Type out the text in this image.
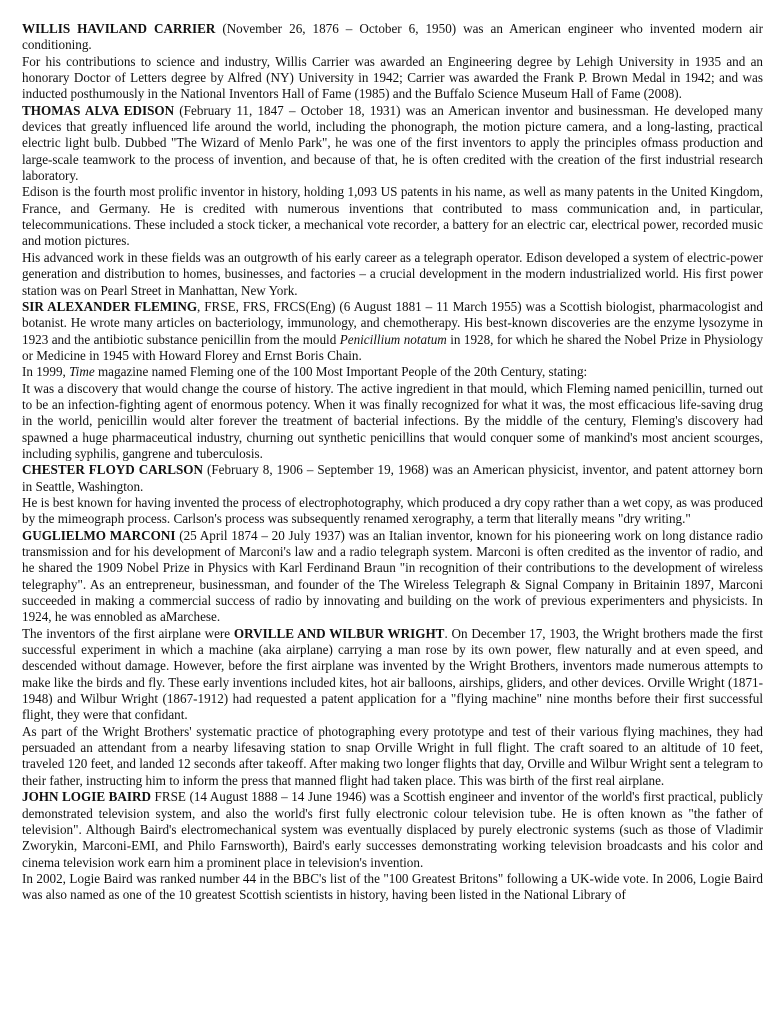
WILLIS HAVILAND CARRIER (November 26, 1876 – October 6, 1950) was an American engineer who invented modern air conditioning.

For his contributions to science and industry, Willis Carrier was awarded an Engineering degree by Lehigh University in 1935 and an honorary Doctor of Letters degree by Alfred (NY) University in 1942; Carrier was awarded the Frank P. Brown Medal in 1942; and was inducted posthumously in the National Inventors Hall of Fame (1985) and the Buffalo Science Museum Hall of Fame (2008).

THOMAS ALVA EDISON (February 11, 1847 – October 18, 1931) was an American inventor and businessman. He developed many devices that greatly influenced life around the world, including the phonograph, the motion picture camera, and a long-lasting, practical electric light bulb. Dubbed "The Wizard of Menlo Park", he was one of the first inventors to apply the principles ofmass production and large-scale teamwork to the process of invention, and because of that, he is often credited with the creation of the first industrial research laboratory.

Edison is the fourth most prolific inventor in history, holding 1,093 US patents in his name, as well as many patents in the United Kingdom, France, and Germany. He is credited with numerous inventions that contributed to mass communication and, in particular, telecommunications. These included a stock ticker, a mechanical vote recorder, a battery for an electric car, electrical power, recorded music and motion pictures.

His advanced work in these fields was an outgrowth of his early career as a telegraph operator. Edison developed a system of electric-power generation and distribution to homes, businesses, and factories – a crucial development in the modern industrialized world. His first power station was on Pearl Street in Manhattan, New York.

SIR ALEXANDER FLEMING, FRSE, FRS, FRCS(Eng) (6 August 1881 – 11 March 1955) was a Scottish biologist, pharmacologist and botanist. He wrote many articles on bacteriology, immunology, and chemotherapy. His best-known discoveries are the enzyme lysozyme in 1923 and the antibiotic substance penicillin from the mould Penicillium notatum in 1928, for which he shared the Nobel Prize in Physiology or Medicine in 1945 with Howard Florey and Ernst Boris Chain.

In 1999, Time magazine named Fleming one of the 100 Most Important People of the 20th Century, stating:

It was a discovery that would change the course of history. The active ingredient in that mould, which Fleming named penicillin, turned out to be an infection-fighting agent of enormous potency. When it was finally recognized for what it was, the most efficacious life-saving drug in the world, penicillin would alter forever the treatment of bacterial infections. By the middle of the century, Fleming's discovery had spawned a huge pharmaceutical industry, churning out synthetic penicillins that would conquer some of mankind's most ancient scourges, including syphilis, gangrene and tuberculosis.

CHESTER FLOYD CARLSON (February 8, 1906 – September 19, 1968) was an American physicist, inventor, and patent attorney born in Seattle, Washington.

He is best known for having invented the process of electrophotography, which produced a dry copy rather than a wet copy, as was produced by the mimeograph process. Carlson's process was subsequently renamed xerography, a term that literally means "dry writing."

GUGLIELMO MARCONI (25 April 1874 – 20 July 1937) was an Italian inventor, known for his pioneering work on long distance radio transmission and for his development of Marconi's law and a radio telegraph system. Marconi is often credited as the inventor of radio, and he shared the 1909 Nobel Prize in Physics with Karl Ferdinand Braun "in recognition of their contributions to the development of wireless telegraphy". As an entrepreneur, businessman, and founder of the The Wireless Telegraph & Signal Company in Britainin 1897, Marconi succeeded in making a commercial success of radio by innovating and building on the work of previous experimenters and physicists. In 1924, he was ennobled as aMarchese.

The inventors of the first airplane were ORVILLE AND WILBUR WRIGHT. On December 17, 1903, the Wright brothers made the first successful experiment in which a machine (aka airplane) carrying a man rose by its own power, flew naturally and at even speed, and descended without damage. However, before the first airplane was invented by the Wright Brothers, inventors made numerous attempts to make like the birds and fly. These early inventions included kites, hot air balloons, airships, gliders, and other devices. Orville Wright (1871-1948) and Wilbur Wright (1867-1912) had requested a patent application for a "flying machine" nine months before their first successful flight, they were that confidant.

As part of the Wright Brothers' systematic practice of photographing every prototype and test of their various flying machines, they had persuaded an attendant from a nearby lifesaving station to snap Orville Wright in full flight. The craft soared to an altitude of 10 feet, traveled 120 feet, and landed 12 seconds after takeoff. After making two longer flights that day, Orville and Wilbur Wright sent a telegram to their father, instructing him to inform the press that manned flight had taken place. This was birth of the first real airplane.

JOHN LOGIE BAIRD FRSE (14 August 1888 – 14 June 1946) was a Scottish engineer and inventor of the world's first practical, publicly demonstrated television system, and also the world's first fully electronic colour television tube. He is often known as "the father of television". Although Baird's electromechanical system was eventually displaced by purely electronic systems (such as those of Vladimir Zworykin, Marconi-EMI, and Philo Farnsworth), Baird's early successes demonstrating working television broadcasts and his color and cinema television work earn him a prominent place in television's invention.

In 2002, Logie Baird was ranked number 44 in the BBC's list of the "100 Greatest Britons" following a UK-wide vote. In 2006, Logie Baird was also named as one of the 10 greatest Scottish scientists in history, having been listed in the National Library of
